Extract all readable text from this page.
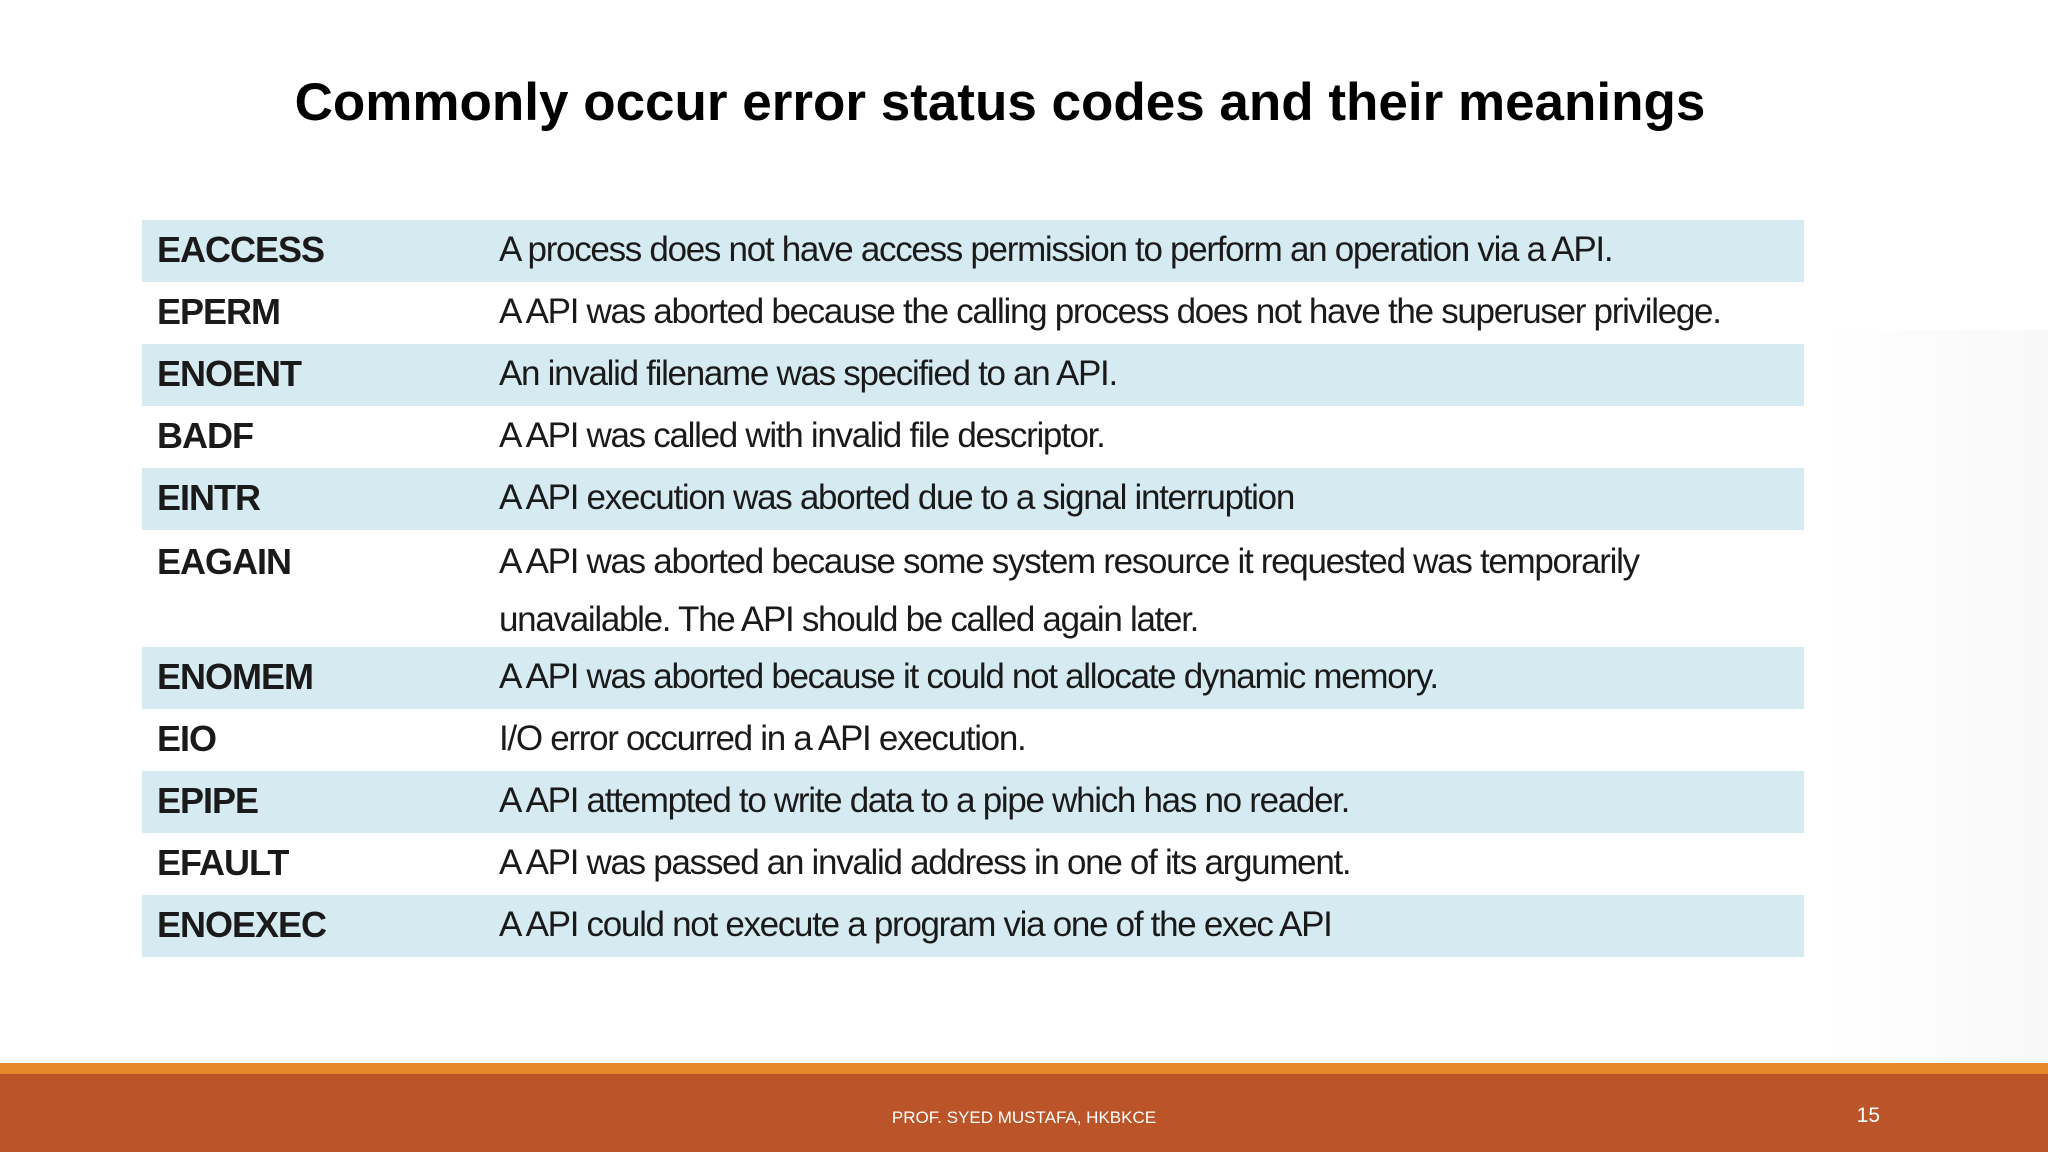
Commonly occur error status codes and their meanings
EACCESS	A process does not have access permission to perform an operation via a API.
EPERM	A API was aborted because the calling process does not have the superuser privilege.
ENOENT	An invalid filename was specified to an API.
BADF	A API was called with invalid file descriptor.
EINTR	A API execution was aborted due to a signal interruption
EAGAIN	A API was aborted because some system resource it requested was temporarily
unavailable. The API should be called again later.
ENOMEM	A API was aborted because it could not allocate dynamic memory.
EIO	I/O error occurred in a API execution.
EPIPE	A API attempted to write data to a pipe which has no reader.
EFAULT	A API was passed an invalid address in one of its argument.
ENOEXEC	A API could not execute a program via one of the exec API
PROF. SYED MUSTAFA, HKBKCE	15
